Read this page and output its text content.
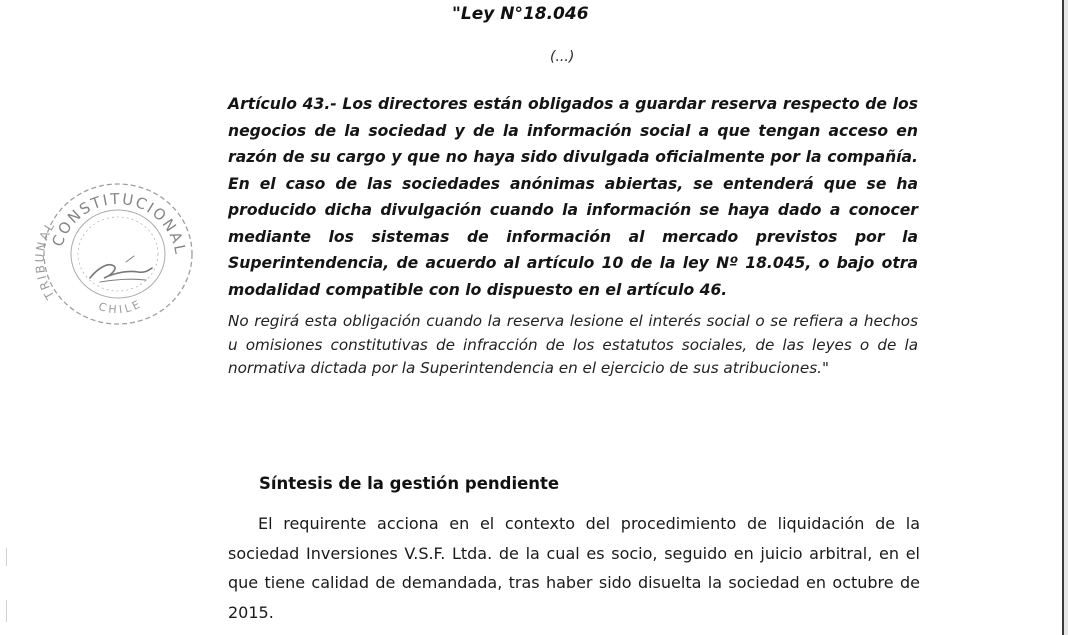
"Ley N°18.046
(...)

Artículo 43.- Los directores están obligados a guardar reserva respecto de los negocios de la sociedad y de la información social a que tengan acceso en razón de su cargo y que no haya sido divulgada oficialmente por la compañía. En el caso de las sociedades anónimas abiertas, se entenderá que se ha producido dicha divulgación cuando la información se haya dado a conocer mediante los sistemas de información al mercado previstos por la Superintendencia, de acuerdo al artículo 10 de la ley Nº 18.045, o bajo otra modalidad compatible con lo dispuesto en el artículo 46.

No regirá esta obligación cuando la reserva lesione el interés social o se refiera a hechos u omisiones constitutivas de infracción de los estatutos sociales, de las leyes o de la normativa dictada por la Superintendencia en el ejercicio de sus atribuciones."

Síntesis de la gestión pendiente

El requirente acciona en el contexto del procedimiento de liquidación de la sociedad Inversiones V.S.F. Ltda. de la cual es socio, seguido en juicio arbitral, en el que tiene calidad de demandada, tras haber sido disuelta la sociedad en octubre de 2015.

CONSTITUCIONAL
TRIBUNAL
CHILE
